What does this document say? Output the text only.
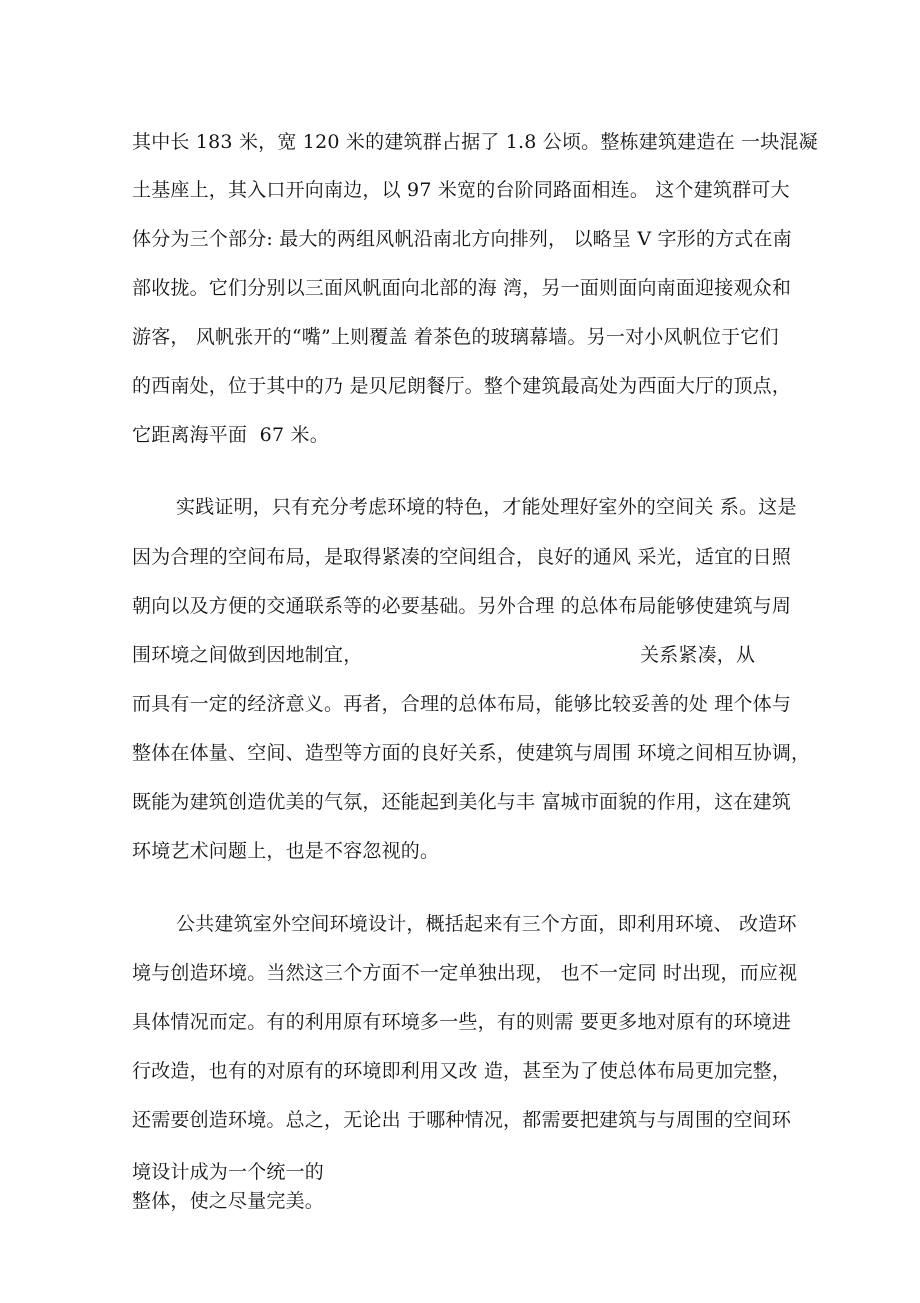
其中长 183 米，宽 120 米的建筑群占据了 1.8 公顷。整栋建筑建造在 一块混凝
土基座上，其入口开向南边，以 97 米宽的台阶同路面相连。 这个建筑群可大
体分为三个部分: 最大的两组风帆沿南北方向排列， 以略呈 V 字形的方式在南
部收拢。它们分别以三面风帆面向北部的海 湾，另一面则面向南面迎接观众和
游客， 风帆张开的“嘴”上则覆盖 着茶色的玻璃幕墙。另一对小风帆位于它们
的西南处，位于其中的乃 是贝尼朗餐厅。整个建筑最高处为西面大厅的顶点，
它距离海平面  67 米。
实践证明，只有充分考虑环境的特色，才能处理好室外的空间关 系。这是
因为合理的空间布局，是取得紧凑的空间组合，良好的通风 采光，适宜的日照
朝向以及方便的交通联系等的必要基础。另外合理 的总体布局能够使建筑与周
围环境之间做到因地制宜，	关系紧凑，从
而具有一定的经济意义。再者，合理的总体布局，能够比较妥善的处 理个体与
整体在体量、空间、造型等方面的良好关系，使建筑与周围 环境之间相互协调，
既能为建筑创造优美的气氛，还能起到美化与丰 富城市面貌的作用，这在建筑
环境艺术问题上，也是不容忽视的。
公共建筑室外空间环境设计，概括起来有三个方面，即利用环境、 改造环
境与创造环境。当然这三个方面不一定单独出现， 也不一定同 时出现，而应视
具体情况而定。有的利用原有环境多一些，有的则需 要更多地对原有的环境进
行改造，也有的对原有的环境即利用又改 造，甚至为了使总体布局更加完整，
还需要创造环境。总之，无论出 于哪种情况，都需要把建筑与与周围的空间环
境设计成为一个统一的
整体，使之尽量完美。
